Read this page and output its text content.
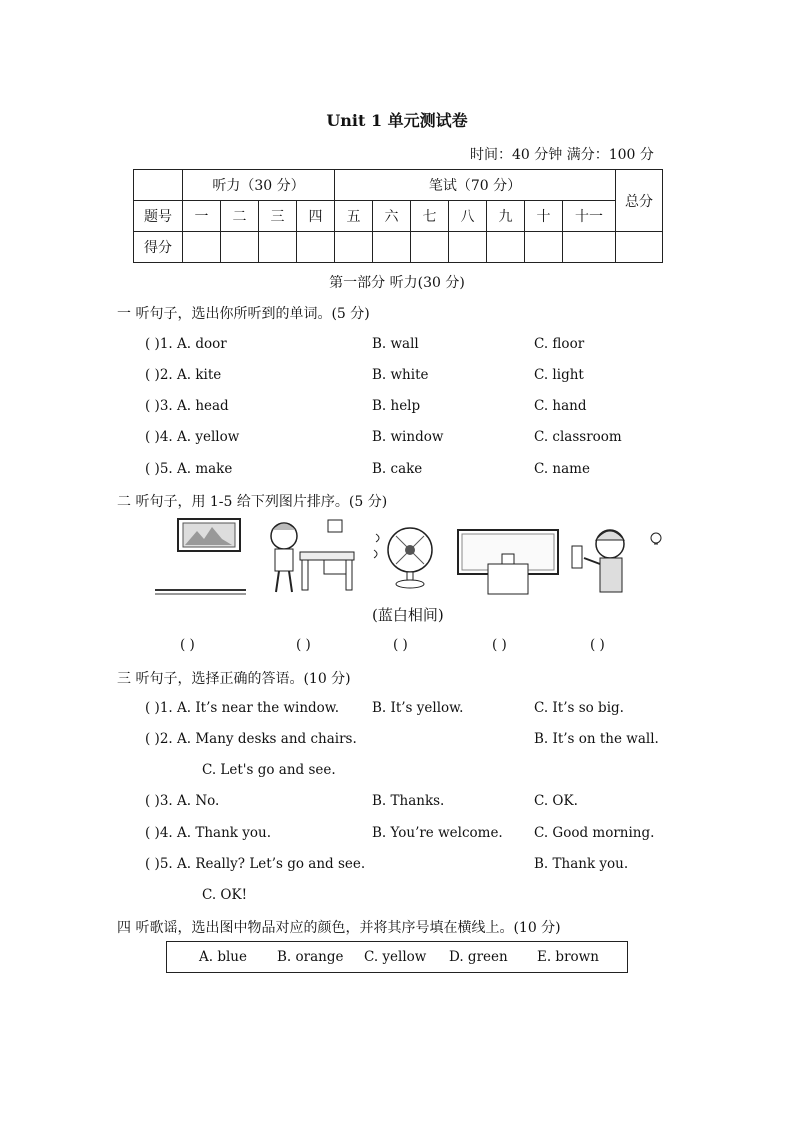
Unit 1 单元测试卷
时间：40 分钟 满分：100 分
	听力（30 分）				笔试（70 分）							总分
题号	一	二	三	四	五	六	七	八	九	十	十一	
得分												
第一部分 听力(30 分)
一 听句子，选出你所听到的单词。(5 分)
( )1. A. door	B. wall	C. floor
( )2. A. kite	B. white	C. light
( )3. A. head	B. help	C. hand
( )4. A. yellow	B. window	C. classroom
( )5. A. make	B. cake	C. name
二 听句子，用 1-5 给下列图片排序。(5 分)
(蓝白相间)
( )	( )	( )	( )	( )
三 听句子，选择正确的答语。(10 分)
( )1. A. It’s near the window. B. It’s yellow.	C. It’s so big.
( )2. A. Many desks and chairs.	B. It’s on the wall.
C. Let's go and see.
( )3. A. No.	B. Thanks.	C. OK.
( )4. A. Thank you.	B. You’re welcome. C. Good morning.
( )5. A. Really? Let’s go and see.	B. Thank you.
C. OK!
四 听歌谣，选出图中物品对应的颜色，并将其序号填在横线上。(10 分)
A. blue B. orange C. yellow D. green E. brown
